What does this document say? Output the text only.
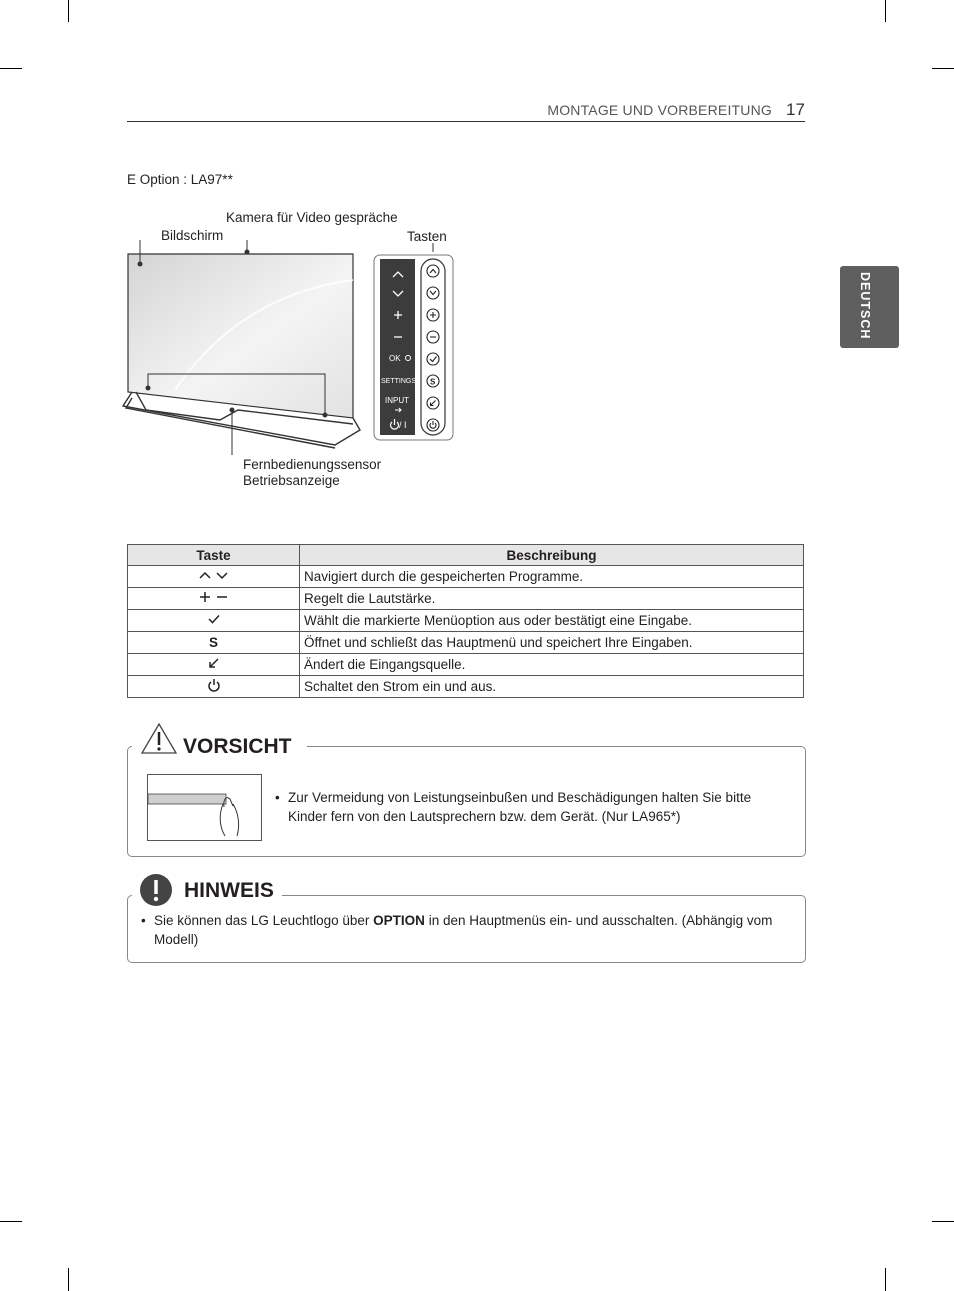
MONTAGE UND VORBEREITUNG 17
DEUTSCH
E Option : LA97**
Kamera für Video gespräche
Bildschirm	Tasten
Fernbedienungssensor
Betriebsanzeige
OK
SETTINGS
INPUT
/ I
S
Taste	Beschreibung
	Navigiert durch die gespeicherten Programme.
	Regelt die Lautstärke.
	Wählt die markierte Menüoption aus oder bestätigt eine Eingabe.
S	Öffnet und schließt das Hauptmenü und speichert Ihre Eingaben.
	Ändert die Eingangsquelle.
	Schaltet den Strom ein und aus.
VORSICHT
• Zur Vermeidung von Leistungseinbußen und Beschädigungen halten Sie bitte Kinder fern von den Lautsprechern bzw. dem Gerät. (Nur LA965*)
HINWEIS
• Sie können das LG Leuchtlogo über OPTION in den Hauptmenüs ein- und ausschalten. (Abhängig vom Modell)
